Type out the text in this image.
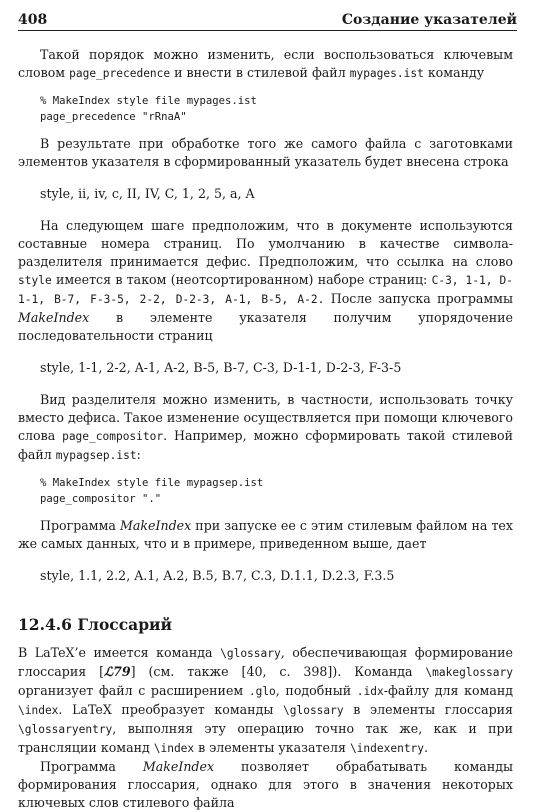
408	Создание указателей

Такой порядок можно изменить, если воспользоваться ключевым словом page_precedence и внести в стилевой файл mypages.ist команду

% MakeIndex style file mypages.ist
page_precedence "rRnaA"

В результате при обработке того же самого файла с заготовками элементов указателя в сформированный указатель будет внесена строка

style, ii, iv, c, II, IV, C, 1, 2, 5, a, A

На следующем шаге предположим, что в документе используются составные номера страниц. По умолчанию в качестве символа-разделителя принимается дефис. Предположим, что ссылка на слово style имеется в таком (неотсортированном) наборе страниц: C-3, 1-1, D-1-1, B-7, F-3-5, 2-2, D-2-3, A-1, B-5, A-2. После запуска программы MakeIndex в элементе указателя получим упорядочение последовательности страниц

style, 1-1, 2-2, A-1, A-2, B-5, B-7, C-3, D-1-1, D-2-3, F-3-5

Вид разделителя можно изменить, в частности, использовать точку вместо дефиса. Такое изменение осуществляется при помощи ключевого слова page_compositor. Например, можно сформировать такой стилевой файл mypagsep.ist:

% MakeIndex style file mypagsep.ist
page_compositor "."

Программа MakeIndex при запуске ее с этим стилевым файлом на тех же самых данных, что и в примере, приведенном выше, дает

style, 1.1, 2.2, A.1, A.2, B.5, B.7, C.3, D.1.1, D.2.3, F.3.5
12.4.6 Глоссарий

В LaTeX’е имеется команда \glossary, обеспечивающая формирование глоссария [ℒ79] (см. также [40, с. 398]). Команда \makeglossary организует файл с расширением .glo, подобный .idx-файлу для команд \index. LaTeX преобразует команды \glossary в элементы глоссария \glossaryentry, выполняя эту операцию точно так же, как и при трансляции команд \index в элементы указателя \indexentry.

Программа MakeIndex позволяет обрабатывать команды формирования глоссария, однако для этого в значения некоторых ключевых слов стилевого файла
